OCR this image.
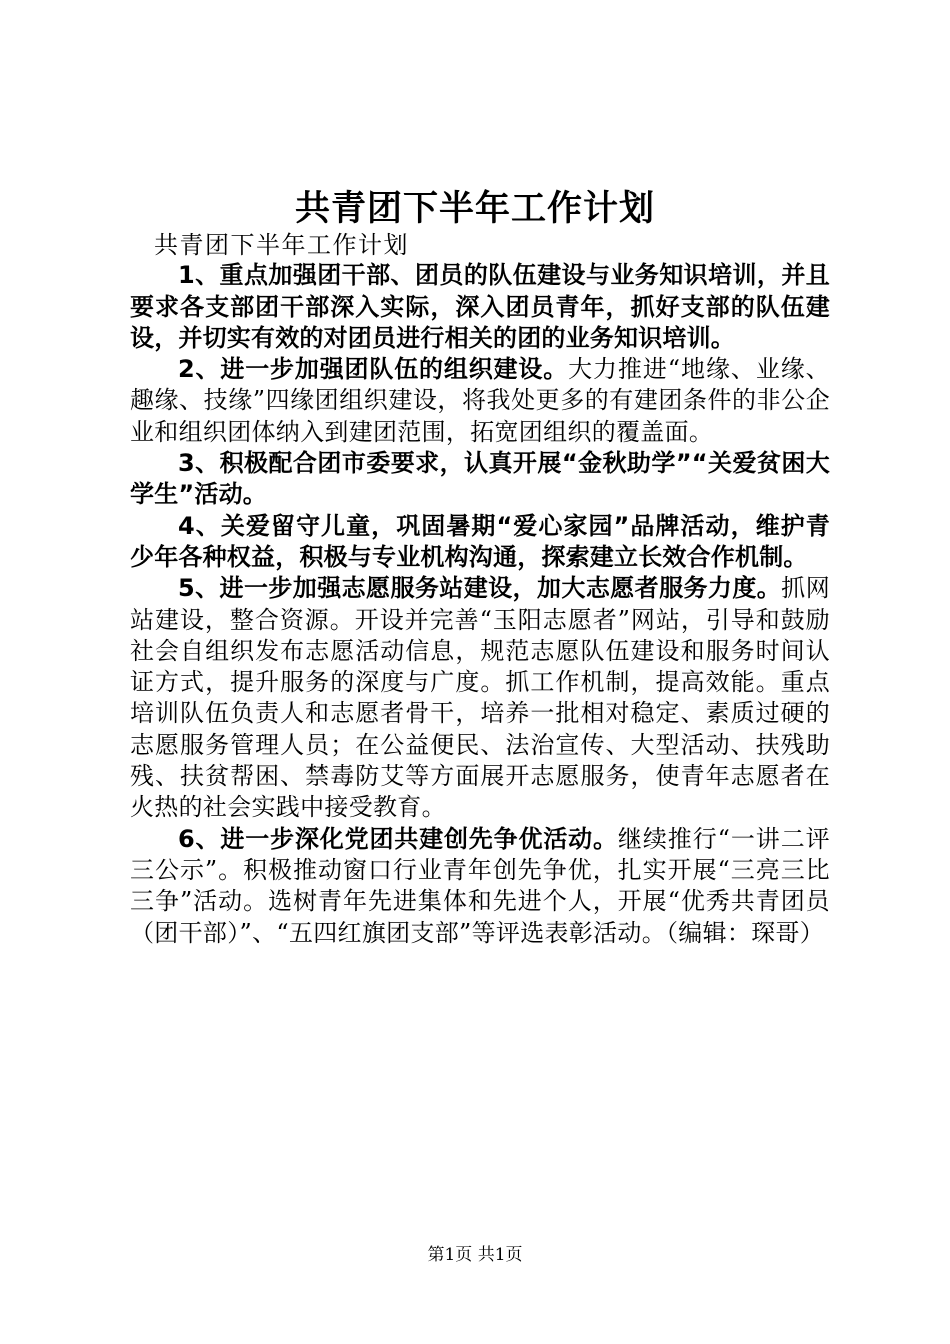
共青团下半年工作计划

共青团下半年工作计划

1、重点加强团干部、团员的队伍建设与业务知识培训，并且要求各支部团干部深入实际，深入团员青年，抓好支部的队伍建设，并切实有效的对团员进行相关的团的业务知识培训。

2、进一步加强团队伍的组织建设。大力推进“地缘、业缘、趣缘、技缘”四缘团组织建设，将我处更多的有建团条件的非公企业和组织团体纳入到建团范围，拓宽团组织的覆盖面。

3、积极配合团市委要求，认真开展“金秋助学”“关爱贫困大学生”活动。

4、关爱留守儿童，巩固暑期“爱心家园”品牌活动，维护青少年各种权益，积极与专业机构沟通，探索建立长效合作机制。

5、进一步加强志愿服务站建设，加大志愿者服务力度。抓网站建设，整合资源。开设并完善“玉阳志愿者”网站，引导和鼓励社会自组织发布志愿活动信息，规范志愿队伍建设和服务时间认证方式，提升服务的深度与广度。抓工作机制，提高效能。重点培训队伍负责人和志愿者骨干，培养一批相对稳定、素质过硬的志愿服务管理人员；在公益便民、法治宣传、大型活动、扶残助残、扶贫帮困、禁毒防艾等方面展开志愿服务，使青年志愿者在火热的社会实践中接受教育。

6、进一步深化党团共建创先争优活动。继续推行“一讲二评三公示”。积极推动窗口行业青年创先争优，扎实开展“三亮三比三争”活动。选树青年先进集体和先进个人，开展“优秀共青团员（团干部）”、“五四红旗团支部”等评选表彰活动。（编辑：琛哥）

第1页 共1页
